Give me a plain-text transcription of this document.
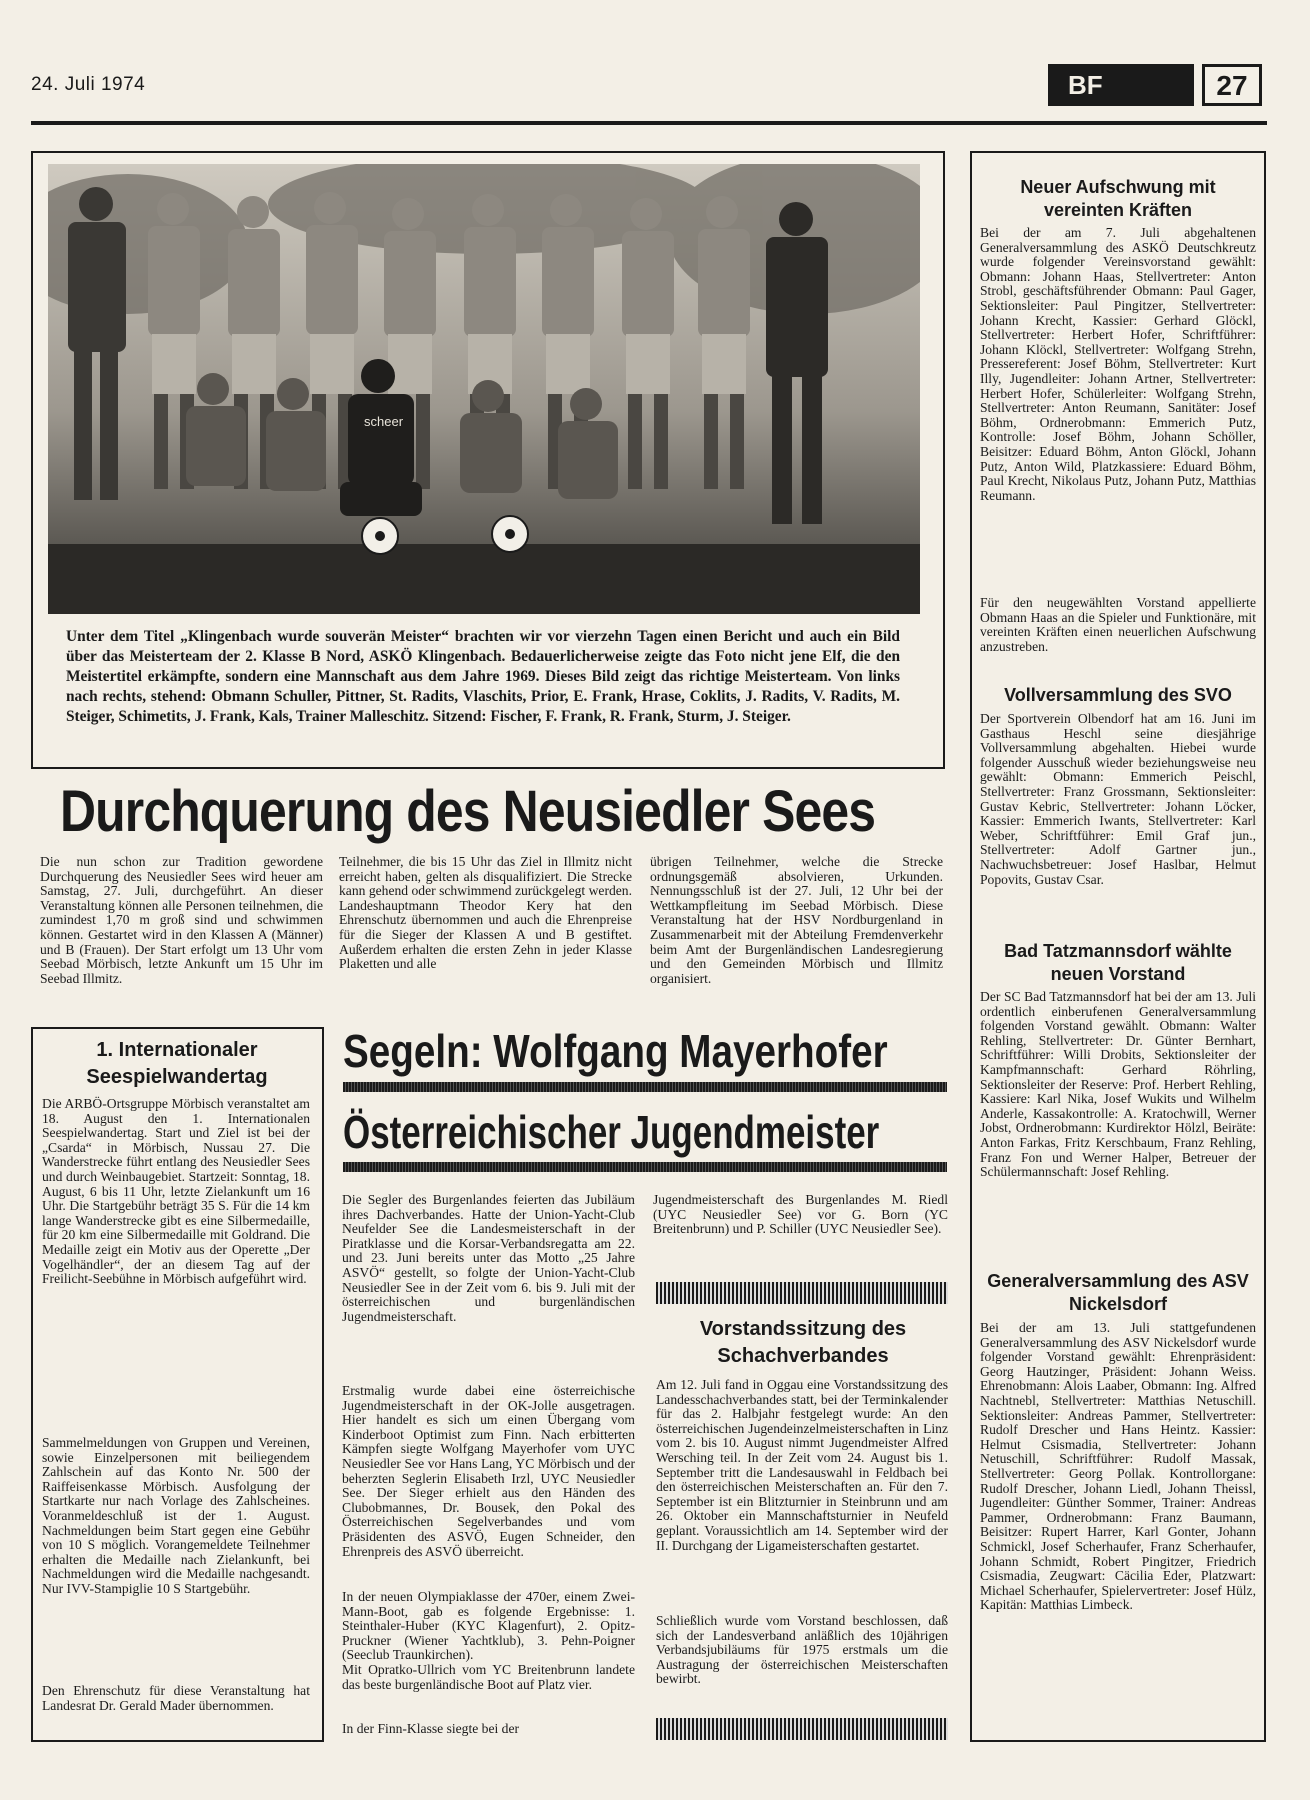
24. Juli 1974	BF	27
scheer
Unter dem Titel „Klingenbach wurde souverän Meister“ brachten wir vor vierzehn Tagen einen Bericht und auch ein Bild über das Meisterteam der 2. Klasse B Nord, ASKÖ Klingenbach. Bedauerlicherweise zeigte das Foto nicht jene Elf, die den Meistertitel erkämpfte, sondern eine Mannschaft aus dem Jahre 1969. Dieses Bild zeigt das richtige Meisterteam. Von links nach rechts, stehend: Obmann Schuller, Pittner, St. Radits, Vlaschits, Prior, E. Frank, Hrase, Coklits, J. Radits, V. Radits, M. Steiger, Schimetits, J. Frank, Kals, Trainer Malleschitz. Sitzend: Fischer, F. Frank, R. Frank, Sturm, J. Steiger.
Durchquerung des Neusiedler Sees
Die nun schon zur Tradition gewordene Durchquerung des Neusiedler Sees wird heuer am Samstag, 27. Juli, durchgeführt. An dieser Veranstaltung können alle Personen teilnehmen, die zumindest 1,70 m groß sind und schwimmen können. Gestartet wird in den Klassen A (Männer) und B (Frauen). Der Start erfolgt um 13 Uhr vom Seebad Mörbisch, letzte Ankunft um 15 Uhr im Seebad Illmitz.
Teilnehmer, die bis 15 Uhr das Ziel in Illmitz nicht erreicht haben, gelten als disqualifiziert. Die Strecke kann gehend oder schwimmend zurückgelegt werden. Landeshauptmann Theodor Kery hat den Ehrenschutz übernommen und auch die Ehrenpreise für die Sieger der Klassen A und B gestiftet. Außerdem erhalten die ersten Zehn in jeder Klasse Plaketten und alle
übrigen Teilnehmer, welche die Strecke ordnungsgemäß absolvieren, Urkunden. Nennungsschluß ist der 27. Juli, 12 Uhr bei der Wettkampfleitung im Seebad Mörbisch. Diese Veranstaltung hat der HSV Nordburgenland in Zusammenarbeit mit der Abteilung Fremdenverkehr beim Amt der Burgenländischen Landesregierung und den Gemeinden Mörbisch und Illmitz organisiert.
1. Internationaler Seespielwandertag
Die ARBÖ-Ortsgruppe Mörbisch veranstaltet am 18. August den 1. Internationalen Seespielwandertag. Start und Ziel ist bei der „Csarda“ in Mörbisch, Nussau 27. Die Wanderstrecke führt entlang des Neusiedler Sees und durch Weinbaugebiet. Startzeit: Sonntag, 18. August, 6 bis 11 Uhr, letzte Zielankunft um 16 Uhr. Die Startgebühr beträgt 35 S. Für die 14 km lange Wanderstrecke gibt es eine Silbermedaille, für 20 km eine Silbermedaille mit Goldrand. Die Medaille zeigt ein Motiv aus der Operette „Der Vogelhändler“, der an diesem Tag auf der Freilicht-Seebühne in Mörbisch aufgeführt wird.
Sammelmeldungen von Gruppen und Vereinen, sowie Einzelpersonen mit beiliegendem Zahlschein auf das Konto Nr. 500 der Raiffeisenkasse Mörbisch. Ausfolgung der Startkarte nur nach Vorlage des Zahlscheines. Voranmeldeschluß ist der 1. August. Nachmeldungen beim Start gegen eine Gebühr von 10 S möglich. Vorangemeldete Teilnehmer erhalten die Medaille nach Zielankunft, bei Nachmeldungen wird die Medaille nachgesandt. Nur IVV-Stampiglie 10 S Startgebühr.
Den Ehrenschutz für diese Veranstaltung hat Landesrat Dr. Gerald Mader übernommen.
Segeln: Wolfgang Mayerhofer
Österreichischer Jugendmeister
Die Segler des Burgenlandes feierten das Jubiläum ihres Dachverbandes. Hatte der Union-Yacht-Club Neufelder See die Landesmeisterschaft in der Piratklasse und die Korsar-Verbandsregatta am 22. und 23. Juni bereits unter das Motto „25 Jahre ASVÖ“ gestellt, so folgte der Union-Yacht-Club Neusiedler See in der Zeit vom 6. bis 9. Juli mit der österreichischen und burgenländischen Jugendmeisterschaft.
Erstmalig wurde dabei eine österreichische Jugendmeisterschaft in der OK-Jolle ausgetragen. Hier handelt es sich um einen Übergang vom Kinderboot Optimist zum Finn. Nach erbitterten Kämpfen siegte Wolfgang Mayerhofer vom UYC Neusiedler See vor Hans Lang, YC Mörbisch und der beherzten Seglerin Elisabeth Irzl, UYC Neusiedler See. Der Sieger erhielt aus den Händen des Clubobmannes, Dr. Bousek, den Pokal des Österreichischen Segelverbandes und vom Präsidenten des ASVÖ, Eugen Schneider, den Ehrenpreis des ASVÖ überreicht.
In der neuen Olympiaklasse der 470er, einem Zwei-Mann-Boot, gab es folgende Ergebnisse: 1. Steinthaler-Huber (KYC Klagenfurt), 2. Opitz-Pruckner (Wiener Yachtklub), 3. Pehn-Poigner (Seeclub Traunkirchen).
Mit Opratko-Ullrich vom YC Breitenbrunn landete das beste burgenländische Boot auf Platz vier.
In der Finn-Klasse siegte bei der
Jugendmeisterschaft des Burgenlandes M. Riedl (UYC Neusiedler See) vor G. Born (YC Breitenbrunn) und P. Schiller (UYC Neusiedler See).
Vorstandssitzung des Schachverbandes
Am 12. Juli fand in Oggau eine Vorstandssitzung des Landesschachverbandes statt, bei der Terminkalender für das 2. Halbjahr festgelegt wurde: An den österreichischen Jugendeinzelmeisterschaften in Linz vom 2. bis 10. August nimmt Jugendmeister Alfred Wersching teil. In der Zeit vom 24. August bis 1. September tritt die Landesauswahl in Feldbach bei den österreichischen Meisterschaften an. Für den 7. September ist ein Blitzturnier in Steinbrunn und am 26. Oktober ein Mannschaftsturnier in Neufeld geplant. Voraussichtlich am 14. September wird der II. Durchgang der Ligameisterschaften gestartet.
Schließlich wurde vom Vorstand beschlossen, daß sich der Landesverband anläßlich des 10jährigen Verbandsjubiläums für 1975 erstmals um die Austragung der österreichischen Meisterschaften bewirbt.
Neuer Aufschwung mit vereinten Kräften
Bei der am 7. Juli abgehaltenen Generalversammlung des ASKÖ Deutschkreutz wurde folgender Vereinsvorstand gewählt: Obmann: Johann Haas, Stellvertreter: Anton Strobl, geschäftsführender Obmann: Paul Gager, Sektionsleiter: Paul Pingitzer, Stellvertreter: Johann Krecht, Kassier: Gerhard Glöckl, Stellvertreter: Herbert Hofer, Schriftführer: Johann Klöckl, Stellvertreter: Wolfgang Strehn, Pressereferent: Josef Böhm, Stellvertreter: Kurt Illy, Jugendleiter: Johann Artner, Stellvertreter: Herbert Hofer, Schülerleiter: Wolfgang Strehn, Stellvertreter: Anton Reumann, Sanitäter: Josef Böhm, Ordnerobmann: Emmerich Putz, Kontrolle: Josef Böhm, Johann Schöller, Beisitzer: Eduard Böhm, Anton Glöckl, Johann Putz, Anton Wild, Platzkassiere: Eduard Böhm, Paul Krecht, Nikolaus Putz, Johann Putz, Matthias Reumann.
Für den neugewählten Vorstand appellierte Obmann Haas an die Spieler und Funktionäre, mit vereinten Kräften einen neuerlichen Aufschwung anzustreben.
Vollversammlung des SVO
Der Sportverein Olbendorf hat am 16. Juni im Gasthaus Heschl seine diesjährige Vollversammlung abgehalten. Hiebei wurde folgender Ausschuß wieder beziehungsweise neu gewählt: Obmann: Emmerich Peischl, Stellvertreter: Franz Grossmann, Sektionsleiter: Gustav Kebric, Stellvertreter: Johann Löcker, Kassier: Emmerich Iwants, Stellvertreter: Karl Weber, Schriftführer: Emil Graf jun., Stellvertreter: Adolf Gartner jun., Nachwuchsbetreuer: Josef Haslbar, Helmut Popovits, Gustav Csar.
Bad Tatzmannsdorf wählte neuen Vorstand
Der SC Bad Tatzmannsdorf hat bei der am 13. Juli ordentlich einberufenen Generalversammlung folgenden Vorstand gewählt. Obmann: Walter Rehling, Stellvertreter: Dr. Günter Bernhart, Schriftführer: Willi Drobits, Sektionsleiter der Kampfmannschaft: Gerhard Röhrling, Sektionsleiter der Reserve: Prof. Herbert Rehling, Kassiere: Karl Nika, Josef Wukits und Wilhelm Anderle, Kassakontrolle: A. Kratochwill, Werner Jobst, Ordnerobmann: Kurdirektor Hölzl, Beiräte: Anton Farkas, Fritz Kerschbaum, Franz Rehling, Franz Fon und Werner Halper, Betreuer der Schülermannschaft: Josef Rehling.
Generalversammlung des ASV Nickelsdorf
Bei der am 13. Juli stattgefundenen Generalversammlung des ASV Nickelsdorf wurde folgender Vorstand gewählt: Ehrenpräsident: Georg Hautzinger, Präsident: Johann Weiss. Ehrenobmann: Alois Laaber, Obmann: Ing. Alfred Nachtnebl, Stellvertreter: Matthias Netuschill. Sektionsleiter: Andreas Pammer, Stellvertreter: Rudolf Drescher und Hans Heintz. Kassier: Helmut Csismadia, Stellvertreter: Johann Netuschill, Schriftführer: Rudolf Massak, Stellvertreter: Georg Pollak. Kontrollorgane: Rudolf Drescher, Johann Liedl, Johann Theissl, Jugendleiter: Günther Sommer, Trainer: Andreas Pammer, Ordnerobmann: Franz Baumann, Beisitzer: Rupert Harrer, Karl Gonter, Johann Schmickl, Josef Scherhaufer, Franz Scherhaufer, Johann Schmidt, Robert Pingitzer, Friedrich Csismadia, Zeugwart: Cäcilia Eder, Platzwart: Michael Scherhaufer, Spielervertreter: Josef Hülz, Kapitän: Matthias Limbeck.
